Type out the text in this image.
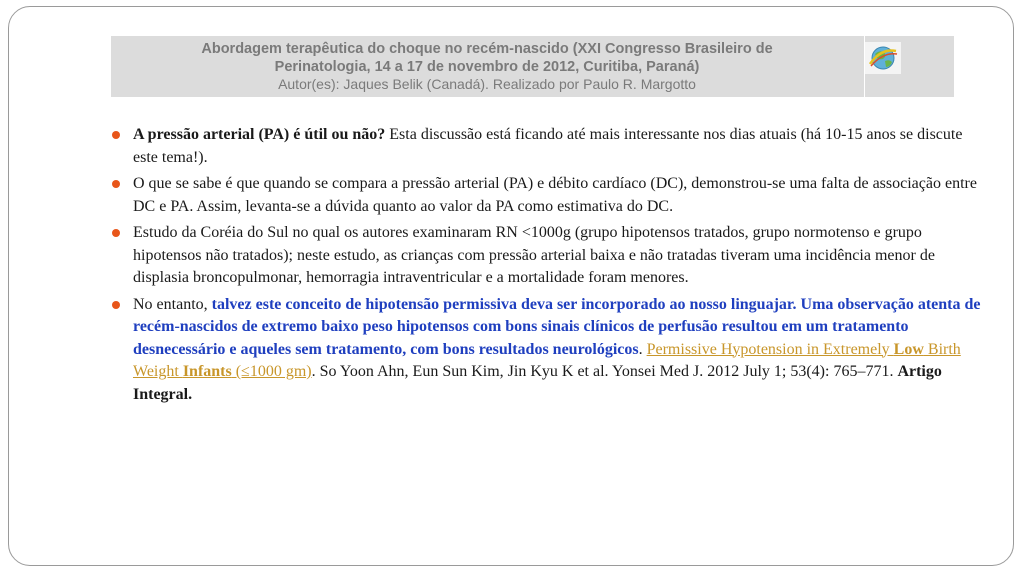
Abordagem terapêutica do choque no recém-nascido (XXI Congresso Brasileiro de
Perinatologia, 14 a 17 de novembro de 2012, Curitiba, Paraná)
Autor(es): Jaques Belik (Canadá). Realizado por Paulo R. Margotto

A pressão arterial (PA) é útil ou não? Esta discussão está ficando até mais interessante nos dias atuais (há 10-15 anos se discute este tema!).

O que se sabe é que quando se compara a pressão arterial (PA) e débito cardíaco (DC), demonstrou-se uma falta de associação entre DC e PA. Assim, levanta-se a dúvida quanto ao valor da PA como estimativa do DC.

Estudo da Coréia do Sul no qual os autores examinaram RN <1000g (grupo hipotensos tratados, grupo normotenso e grupo hipotensos não tratados); neste estudo, as crianças com pressão arterial baixa e não tratadas tiveram uma incidência menor de displasia broncopulmonar, hemorragia intraventricular e a mortalidade foram menores.

No entanto, talvez este conceito de hipotensão permissiva deva ser incorporado ao nosso linguajar. Uma observação atenta de recém-nascidos de extremo baixo peso hipotensos com bons sinais clínicos de perfusão resultou em um tratamento desnecessário e aqueles sem tratamento, com bons resultados neurológicos. Permissive Hypotension in Extremely Low Birth Weight Infants (≤1000 gm). So Yoon Ahn, Eun Sun Kim, Jin Kyu K et al. Yonsei Med J. 2012 July 1; 53(4): 765–771. Artigo Integral.
